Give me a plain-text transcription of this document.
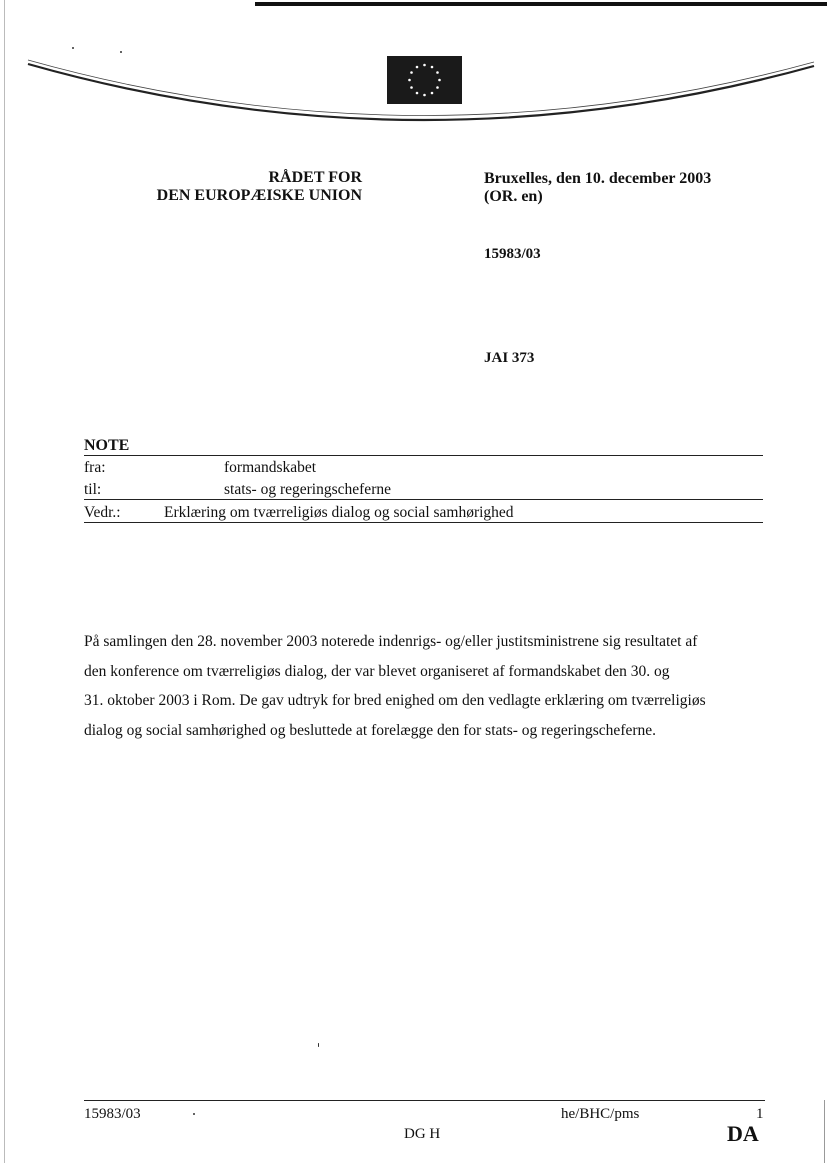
RÅDET FOR
DEN EUROPÆISKE UNION
Bruxelles, den 10. december 2003
(OR. en)
15983/03
JAI 373
NOTE
fra:	formandskabet
til:	stats- og regeringscheferne
Vedr.:	Erklæring om tværreligiøs dialog og social samhørighed

På samlingen den 28. november 2003 noterede indenrigs- og/eller justitsministrene sig resultatet af
den konference om tværreligiøs dialog, der var blevet organiseret af formandskabet den 30. og
31. oktober 2003 i Rom. De gav udtryk for bred enighed om den vedlagte erklæring om tværreligiøs
dialog og social samhørighed og besluttede at forelægge den for stats- og regeringscheferne.

15983/03	he/BHC/pms	1
DG H	DA
